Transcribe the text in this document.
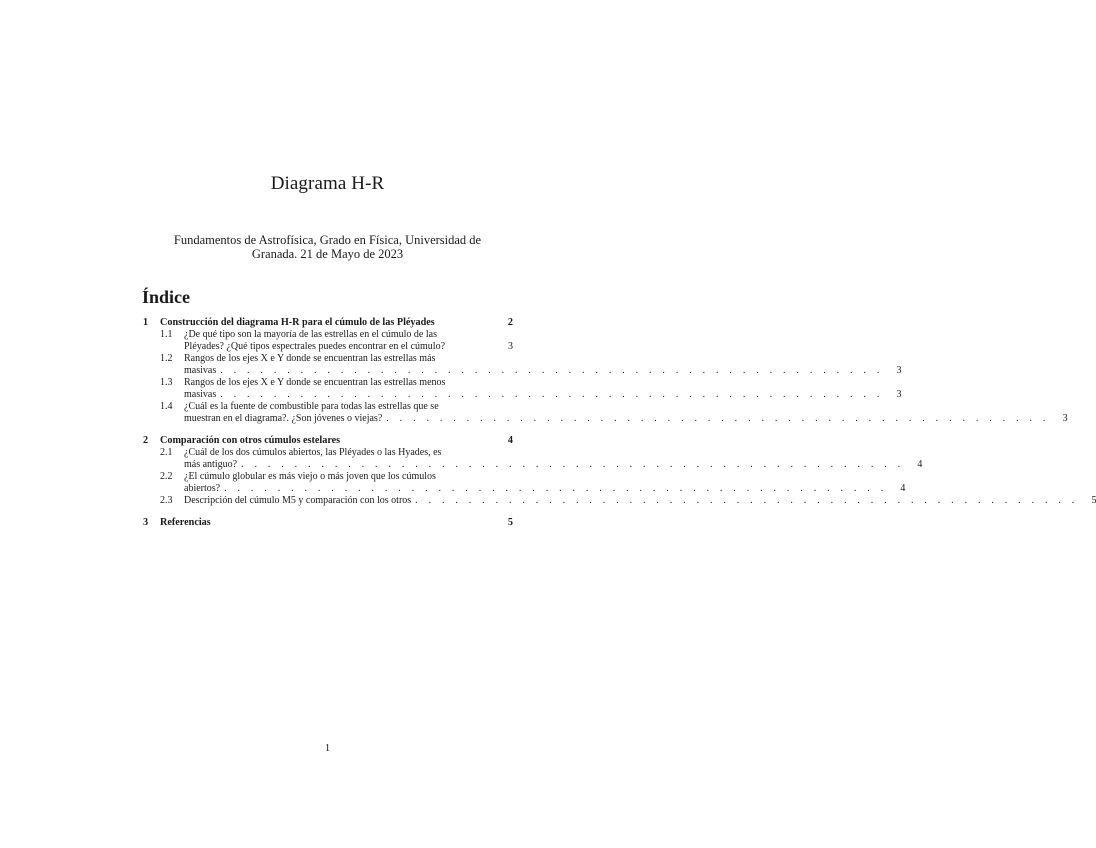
Diagrama H-R
Fundamentos de Astrofísica, Grado en Física, Universidad de Granada. 21 de Mayo de 2023
Índice
1	Construcción del diagrama H-R para el cúmulo de las Pléyades	2
1.1	¿De qué tipo son la mayoría de las estrellas en el cúmulo de las
Pléyades? ¿Qué tipos espectrales puedes encontrar en el cúmulo?	3
1.2	Rangos de los ejes X e Y donde se encuentran las estrellas más
masivas . . . . . . . . . . . . . . . . . . . . . . . . . . . . . . . . . . . . . . . . . . . . . . . . . .	3
1.3	Rangos de los ejes X e Y donde se encuentran las estrellas menos
masivas . . . . . . . . . . . . . . . . . . . . . . . . . . . . . . . . . . . . . . . . . . . . . . . . . .	3
1.4	¿Cuál es la fuente de combustible para todas las estrellas que se
muestran en el diagrama?. ¿Son jóvenes o viejas? . . . . . . . . . . . . . . . . . . . . . . . . . . . . . . . . . . . . . . . . . . . . . . . . . .	3
2	Comparación con otros cúmulos estelares	4
2.1	¿Cuál de los dos cúmulos abiertos, las Pléyades o las Hyades, es
más antiguo? . . . . . . . . . . . . . . . . . . . . . . . . . . . . . . . . . . . . . . . . . . . . . . . . . .	4
2.2	¿El cúmulo globular es más viejo o más joven que los cúmulos
abiertos? . . . . . . . . . . . . . . . . . . . . . . . . . . . . . . . . . . . . . . . . . . . . . . . . . .	4
2.3	Descripción del cúmulo M5 y comparación con los otros . . . . . . . . . . . . . . . . . . . . . . . . . . . . . . . . . . . . . . . . . . . . . . . . . .	5
3	Referencias	5
1
